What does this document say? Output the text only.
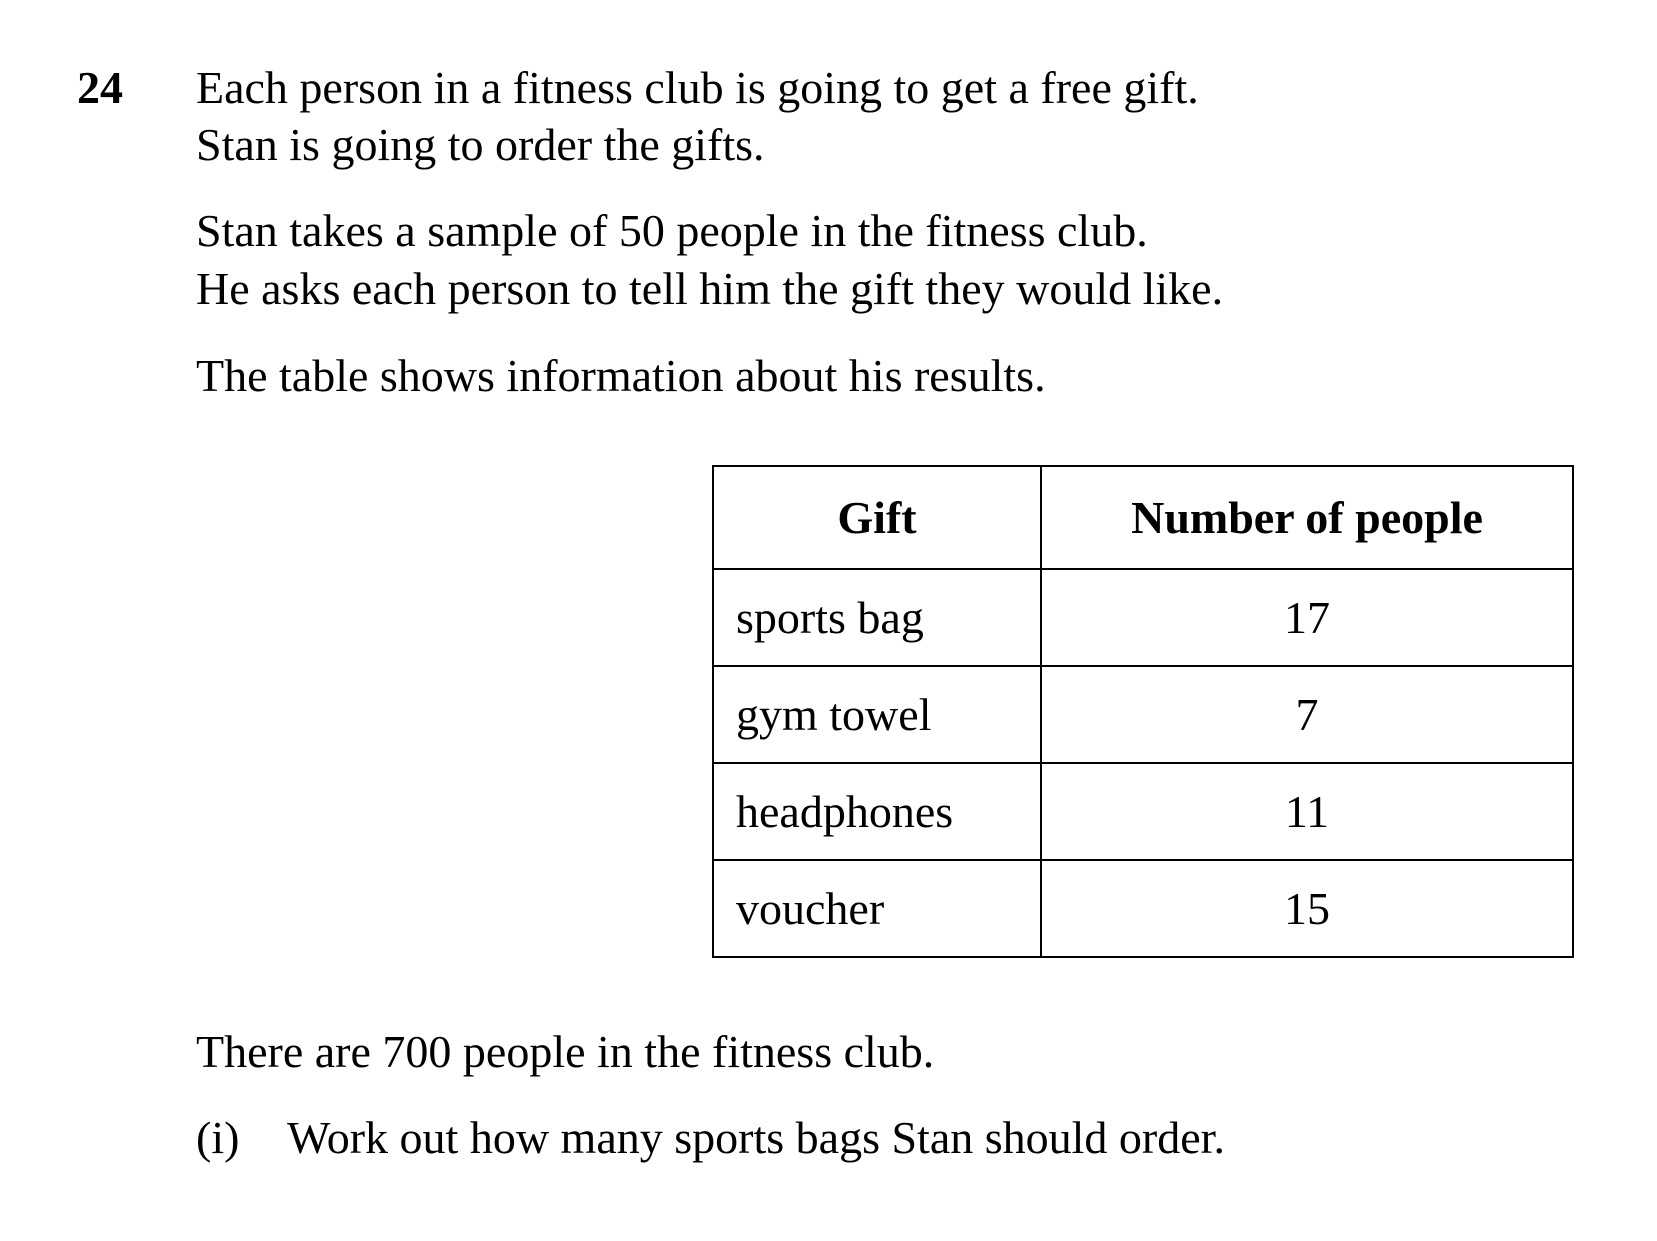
24 Each person in a fitness club is going to get a free gift.
Stan is going to order the gifts.
Stan takes a sample of 50 people in the fitness club.
He asks each person to tell him the gift they would like.
The table shows information about his results.
Gift	Number of people
sports bag	17
gym towel	7
headphones	11
voucher	15
There are 700 people in the fitness club.
(i) Work out how many sports bags Stan should order.
